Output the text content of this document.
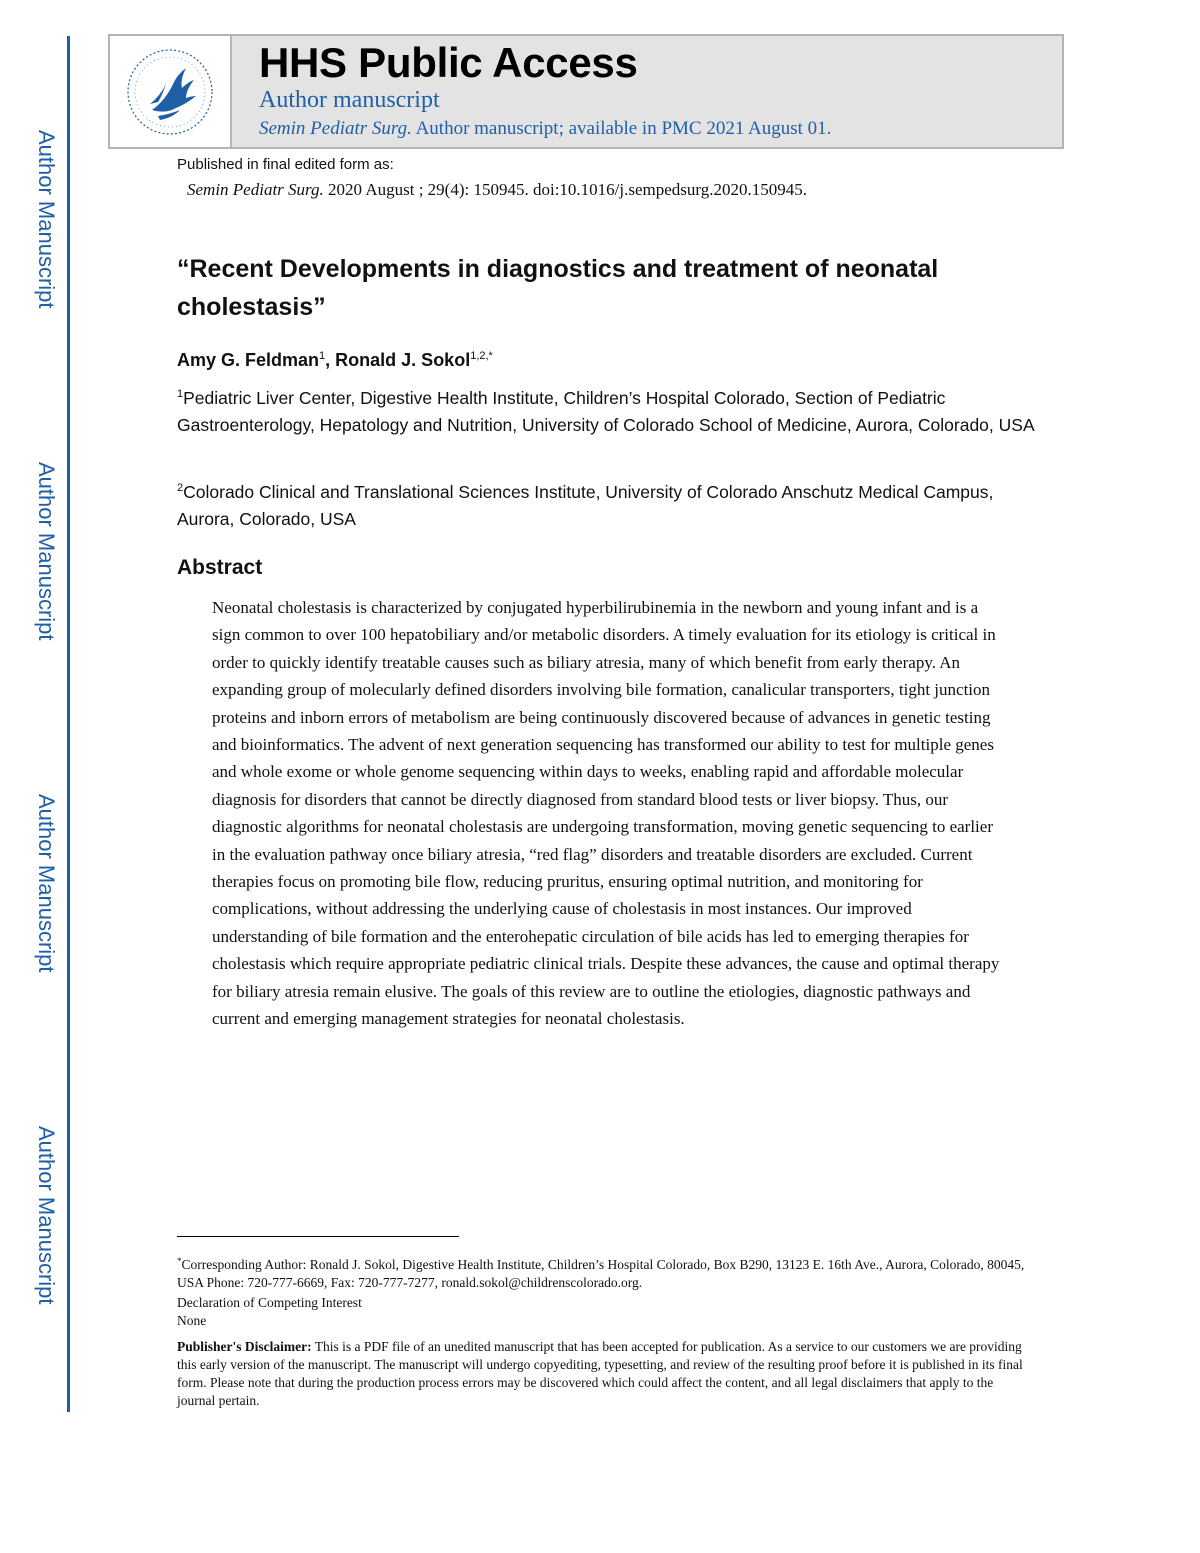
Author Manuscript
Author Manuscript
Author Manuscript
Author Manuscript
HHS Public Access
Author manuscript
Semin Pediatr Surg. Author manuscript; available in PMC 2021 August 01.
Published in final edited form as:
Semin Pediatr Surg. 2020 August ; 29(4): 150945. doi:10.1016/j.sempedsurg.2020.150945.
“Recent Developments in diagnostics and treatment of neonatal cholestasis”
Amy G. Feldman$^1$, Ronald J. Sokol$^{1,2,*}$
$^1$Pediatric Liver Center, Digestive Health Institute, Children’s Hospital Colorado, Section of Pediatric Gastroenterology, Hepatology and Nutrition, University of Colorado School of Medicine, Aurora, Colorado, USA
$^2$Colorado Clinical and Translational Sciences Institute, University of Colorado Anschutz Medical Campus, Aurora, Colorado, USA
Abstract

Neonatal cholestasis is characterized by conjugated hyperbilirubinemia in the newborn and young infant and is a sign common to over 100 hepatobiliary and/or metabolic disorders. A timely evaluation for its etiology is critical in order to quickly identify treatable causes such as biliary atresia, many of which benefit from early therapy. An expanding group of molecularly defined disorders involving bile formation, canalicular transporters, tight junction proteins and inborn errors of metabolism are being continuously discovered because of advances in genetic testing and bioinformatics. The advent of next generation sequencing has transformed our ability to test for multiple genes and whole exome or whole genome sequencing within days to weeks, enabling rapid and affordable molecular diagnosis for disorders that cannot be directly diagnosed from standard blood tests or liver biopsy. Thus, our diagnostic algorithms for neonatal cholestasis are undergoing transformation, moving genetic sequencing to earlier in the evaluation pathway once biliary atresia, “red flag” disorders and treatable disorders are excluded. Current therapies focus on promoting bile flow, reducing pruritus, ensuring optimal nutrition, and monitoring for complications, without addressing the underlying cause of cholestasis in most instances. Our improved understanding of bile formation and the enterohepatic circulation of bile acids has led to emerging therapies for cholestasis which require appropriate pediatric clinical trials. Despite these advances, the cause and optimal therapy for biliary atresia remain elusive. The goals of this review are to outline the etiologies, diagnostic pathways and current and emerging management strategies for neonatal cholestasis.

*Corresponding Author: Ronald J. Sokol, Digestive Health Institute, Children’s Hospital Colorado, Box B290, 13123 E. 16th Ave., Aurora, Colorado, 80045, USA Phone: 720-777-6669, Fax: 720-777-7277, ronald.sokol@childrenscolorado.org.

Declaration of Competing Interest

None

Publisher's Disclaimer: This is a PDF file of an unedited manuscript that has been accepted for publication. As a service to our customers we are providing this early version of the manuscript. The manuscript will undergo copyediting, typesetting, and review of the resulting proof before it is published in its final form. Please note that during the production process errors may be discovered which could affect the content, and all legal disclaimers that apply to the journal pertain.
